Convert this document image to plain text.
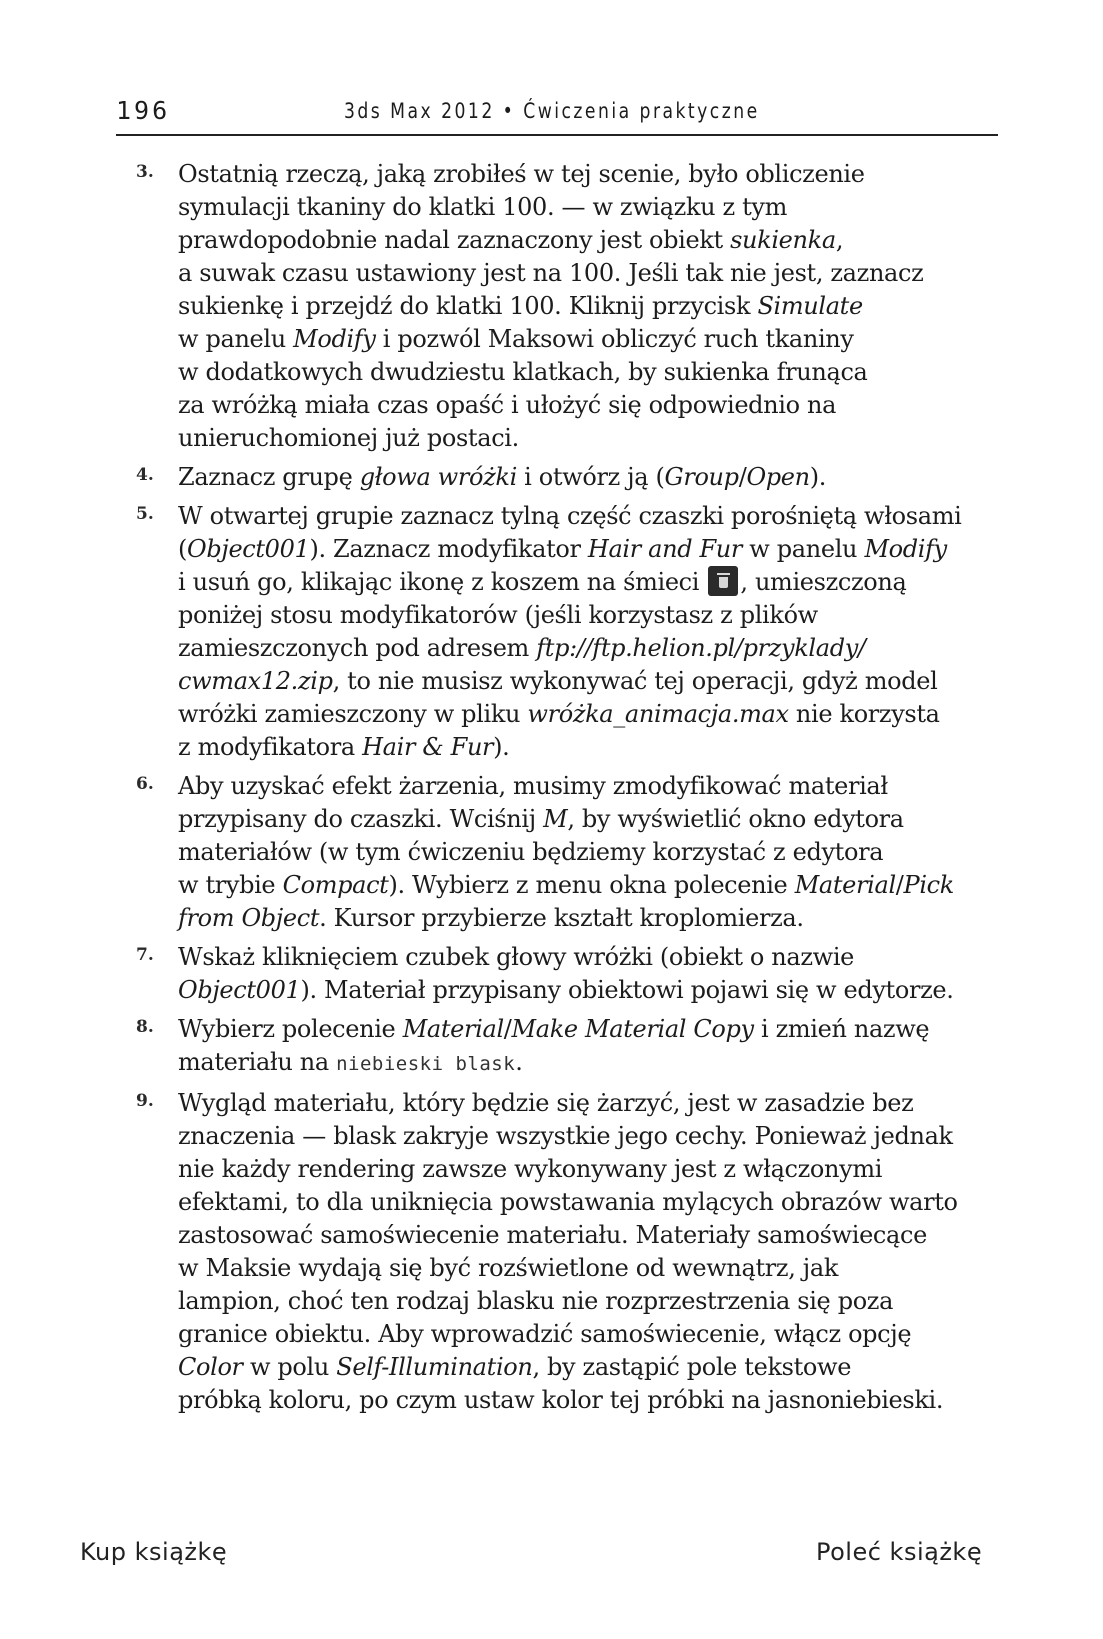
196	3ds Max 2012 • Ćwiczenia praktyczne
3. Ostatnią rzeczą, jaką zrobiłeś w tej scenie, było obliczenie
symulacji tkaniny do klatki 100. — w związku z tym
prawdopodobnie nadal zaznaczony jest obiekt sukienka,
a suwak czasu ustawiony jest na 100. Jeśli tak nie jest, zaznacz
sukienkę i przejdź do klatki 100. Kliknij przycisk Simulate
w panelu Modify i pozwól Maksowi obliczyć ruch tkaniny
w dodatkowych dwudziestu klatkach, by sukienka frunąca
za wróżką miała czas opaść i ułożyć się odpowiednio na
unieruchomionej już postaci.
4. Zaznacz grupę głowa wróżki i otwórz ją (Group/Open).
5. W otwartej grupie zaznacz tylną część czaszki porośniętą włosami
(Object001). Zaznacz modyfikator Hair and Fur w panelu Modify
i usuń go, klikając ikonę z koszem na śmieci , umieszczoną
poniżej stosu modyfikatorów (jeśli korzystasz z plików
zamieszczonych pod adresem ftp://ftp.helion.pl/przyklady/
cwmax12.zip, to nie musisz wykonywać tej operacji, gdyż model
wróżki zamieszczony w pliku wróżka_animacja.max nie korzysta
z modyfikatora Hair & Fur).
6. Aby uzyskać efekt żarzenia, musimy zmodyfikować materiał
przypisany do czaszki. Wciśnij M, by wyświetlić okno edytora
materiałów (w tym ćwiczeniu będziemy korzystać z edytora
w trybie Compact). Wybierz z menu okna polecenie Material/Pick
from Object. Kursor przybierze kształt kroplomierza.
7. Wskaż kliknięciem czubek głowy wróżki (obiekt o nazwie
Object001). Materiał przypisany obiektowi pojawi się w edytorze.
8. Wybierz polecenie Material/Make Material Copy i zmień nazwę
materiału na niebieski blask.
9. Wygląd materiału, który będzie się żarzyć, jest w zasadzie bez
znaczenia — blask zakryje wszystkie jego cechy. Ponieważ jednak
nie każdy rendering zawsze wykonywany jest z włączonymi
efektami, to dla uniknięcia powstawania mylących obrazów warto
zastosować samoświecenie materiału. Materiały samoświecące
w Maksie wydają się być rozświetlone od wewnątrz, jak
lampion, choć ten rodzaj blasku nie rozprzestrzenia się poza
granice obiektu. Aby wprowadzić samoświecenie, włącz opcję
Color w polu Self-Illumination, by zastąpić pole tekstowe
próbką koloru, po czym ustaw kolor tej próbki na jasnoniebieski.
Kup książkę	Poleć książkę
